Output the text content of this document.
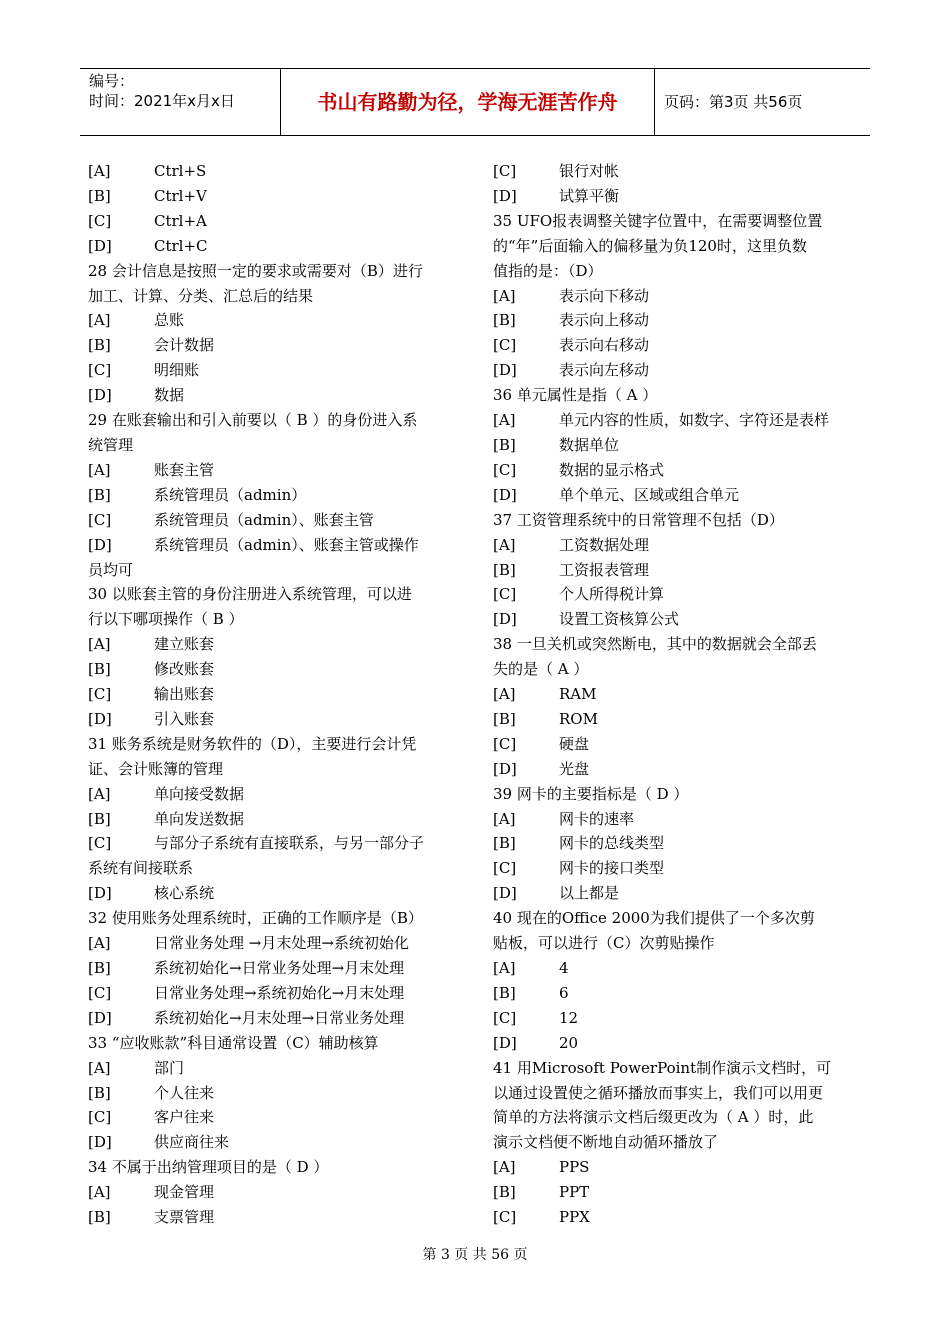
编号：
时间：2021年x月x日	书山有路勤为径，学海无涯苦作舟	页码：第3页 共56页
[A]	Ctrl+S
[B]	Ctrl+V
[C]	Ctrl+A
[D]	Ctrl+C
28 会计信息是按照一定的要求或需要对（B）进行
加工、计算、分类、汇总后的结果
[A]	总账
[B]	会计数据
[C]	明细账
[D]	数据
29 在账套输出和引入前要以（ B ）的身份进入系
统管理
[A]	账套主管
[B]	系统管理员（admin）
[C]	系统管理员（admin）、账套主管
[D]	系统管理员（admin）、账套主管或操作
员均可
30 以账套主管的身份注册进入系统管理，可以进
行以下哪项操作（ B ）
[A]	建立账套
[B]	修改账套
[C]	输出账套
[D]	引入账套
31 账务系统是财务软件的（D），主要进行会计凭
证、会计账簿的管理
[A]	单向接受数据
[B]	单向发送数据
[C]	与部分子系统有直接联系，与另一部分子
系统有间接联系
[D]	核心系统
32 使用账务处理系统时，正确的工作顺序是（B）
[A]	日常业务处理 →月末处理→系统初始化
[B]	系统初始化→日常业务处理→月末处理
[C]	日常业务处理→系统初始化→月末处理
[D]	系统初始化→月末处理→日常业务处理
33 “应收账款”科目通常设置（C）辅助核算
[A]	部门
[B]	个人往来
[C]	客户往来
[D]	供应商往来
34 不属于出纳管理项目的是（ D ）
[A]	现金管理
[B]	支票管理
[C]	银行对帐
[D]	试算平衡
35 UFO报表调整关键字位置中，在需要调整位置
的“年”后面输入的偏移量为负120时，这里负数
值指的是：（D）
[A]	表示向下移动
[B]	表示向上移动
[C]	表示向右移动
[D]	表示向左移动
36 单元属性是指（ A ）
[A]	单元内容的性质，如数字、字符还是表样
[B]	数据单位
[C]	数据的显示格式
[D]	单个单元、区域或组合单元
37 工资管理系统中的日常管理不包括（D）
[A]	工资数据处理
[B]	工资报表管理
[C]	个人所得税计算
[D]	设置工资核算公式
38 一旦关机或突然断电，其中的数据就会全部丢
失的是（ A ）
[A]	RAM
[B]	ROM
[C]	硬盘
[D]	光盘
39 网卡的主要指标是（ D ）
[A]	网卡的速率
[B]	网卡的总线类型
[C]	网卡的接口类型
[D]	以上都是
40 现在的Office 2000为我们提供了一个多次剪
贴板，可以进行（C）次剪贴操作
[A]	4
[B]	6
[C]	12
[D]	20
41 用Microsoft PowerPoint制作演示文档时，可
以通过设置使之循环播放而事实上，我们可以用更
简单的方法将演示文档后缀更改为（ A ）时，此
演示文档便不断地自动循环播放了
[A]	PPS
[B]	PPT
[C]	PPX
第 3 页 共 56 页
